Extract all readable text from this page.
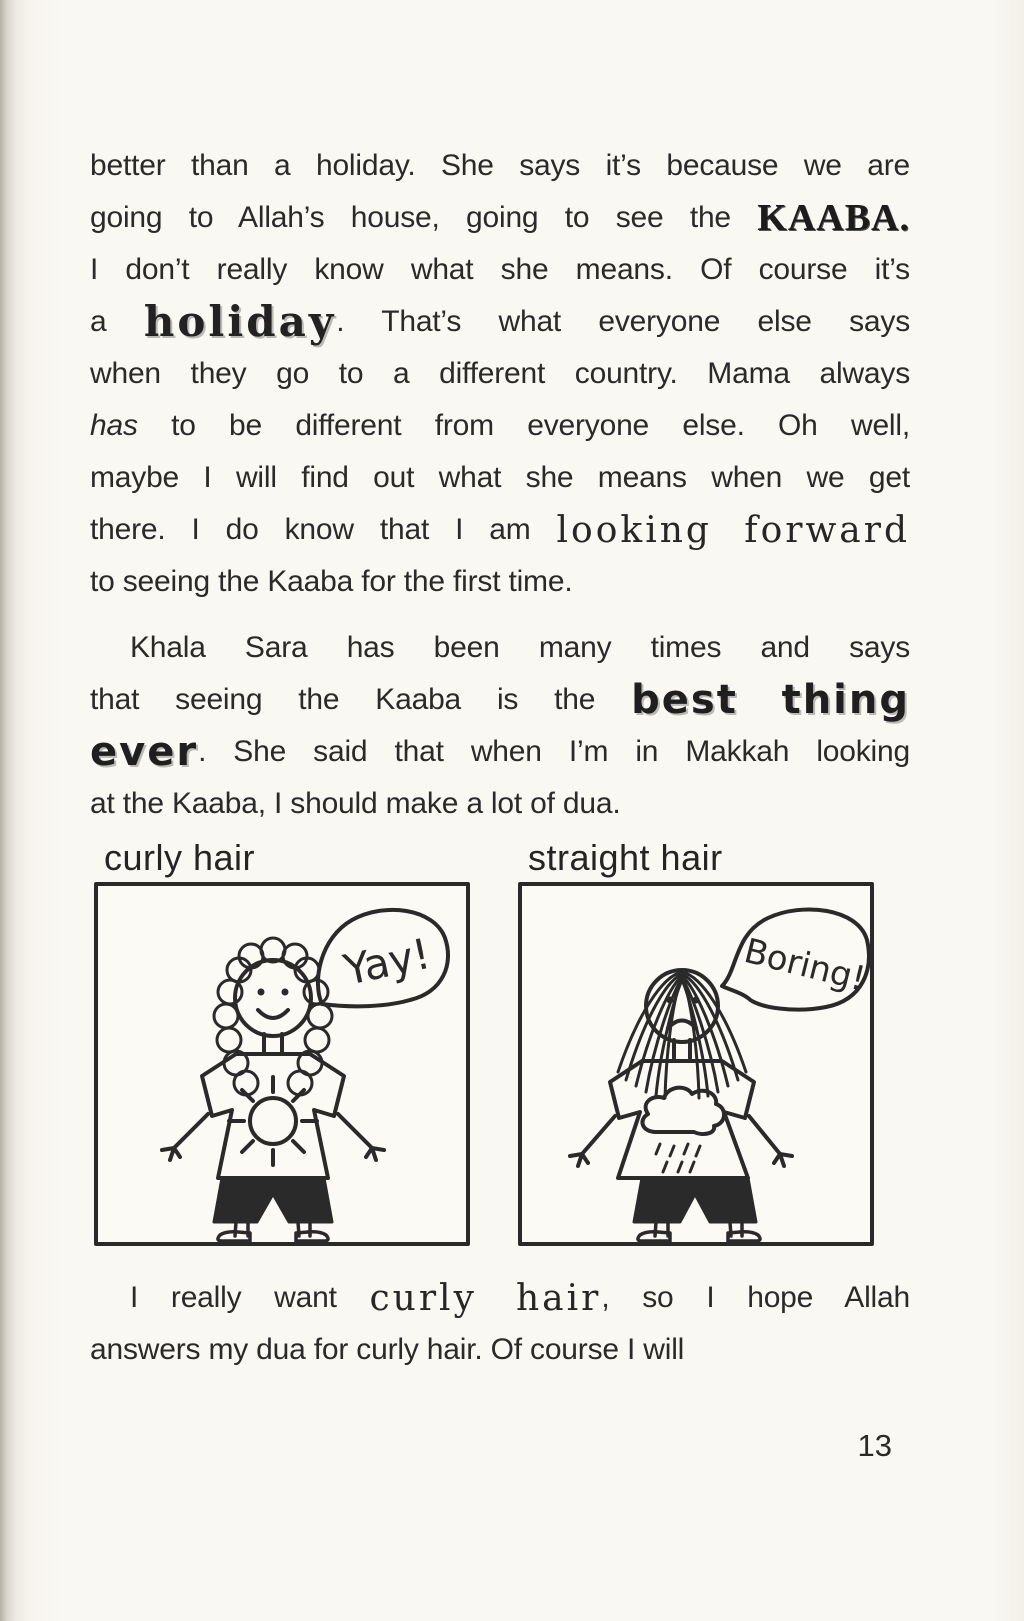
better than a holiday. She says it’s because we are
going to Allah’s house, going to see the KAABA.
I don’t really know what she means. Of course it’s
a holiday. That’s what everyone else says
when they go to a different country. Mama always
has to be different from everyone else. Oh well,
maybe I will find out what she means when we get
there. I do know that I am looking forward
to seeing the Kaaba for the first time.
Khala Sara has been many times and says
that seeing the Kaaba is the best thing
ever. She said that when I’m in Makkah looking
at the Kaaba, I should make a lot of dua.
curly hair
Yay!
straight hair
Boring!
I really want curly hair, so I hope Allah
answers my dua for curly hair. Of course I will
13
